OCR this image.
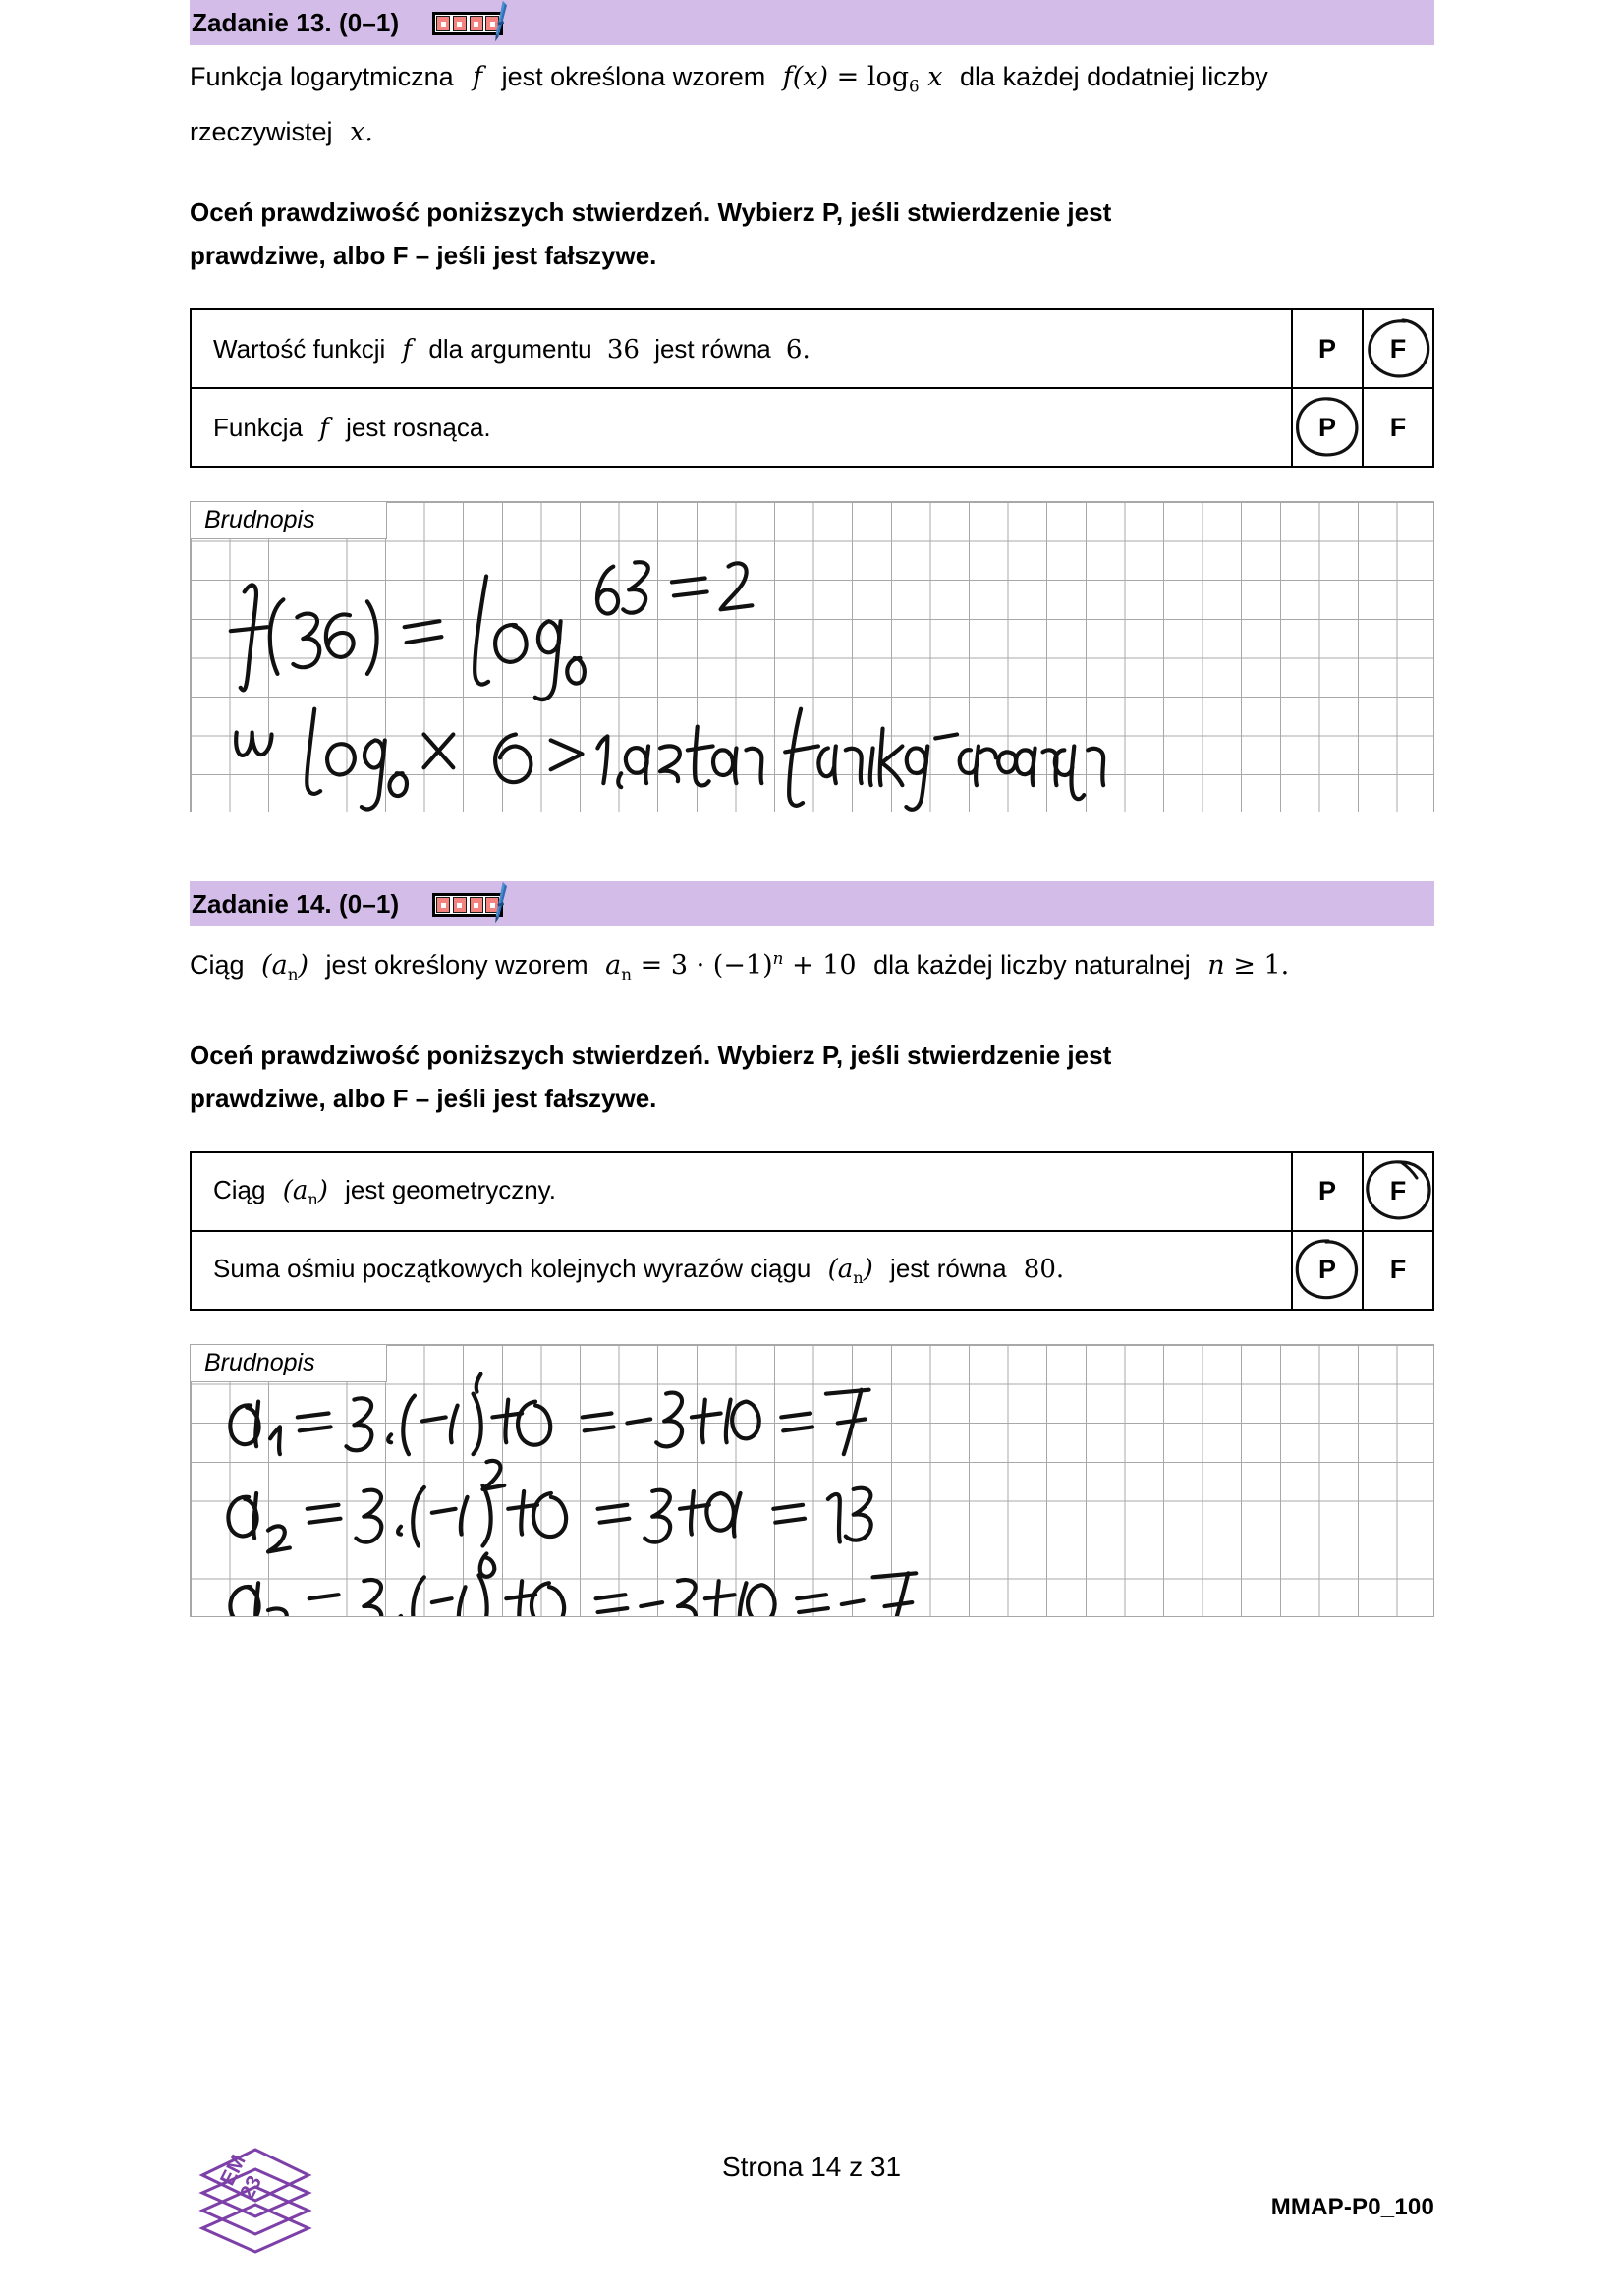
Zadanie 13. (0–1)
Funkcja logarytmiczna f jest określona wzorem $f(x) = \log_6 x$ dla każdej dodatniej liczby
rzeczywistej x.
Oceń prawdziwość poniższych stwierdzeń. Wybierz P, jeśli stwierdzenie jest
prawdziwe, albo F – jeśli jest fałszywe.
Wartość funkcji f dla argumentu 36 jest równa 6.	P	F

Funkcja f jest rosnąca.	P	F
Brudnopis
Zadanie 14. (0–1)
Ciąg $(a_n)$ jest określony wzorem $a_n = 3 \cdot (-1)^n + 10$ dla każdej liczby naturalnej n ≥ 1.
Oceń prawdziwość poniższych stwierdzeń. Wybierz P, jeśli stwierdzenie jest
prawdziwe, albo F – jeśli jest fałszywe.
Ciąg $(a_n)$ jest geometryczny.	P	F

Suma ośmiu początkowych kolejnych wyrazów ciągu $(a_n)$ jest równa 80.	P	F
Brudnopis
EM
23
Strona 14 z 31
MMAP-P0_100
